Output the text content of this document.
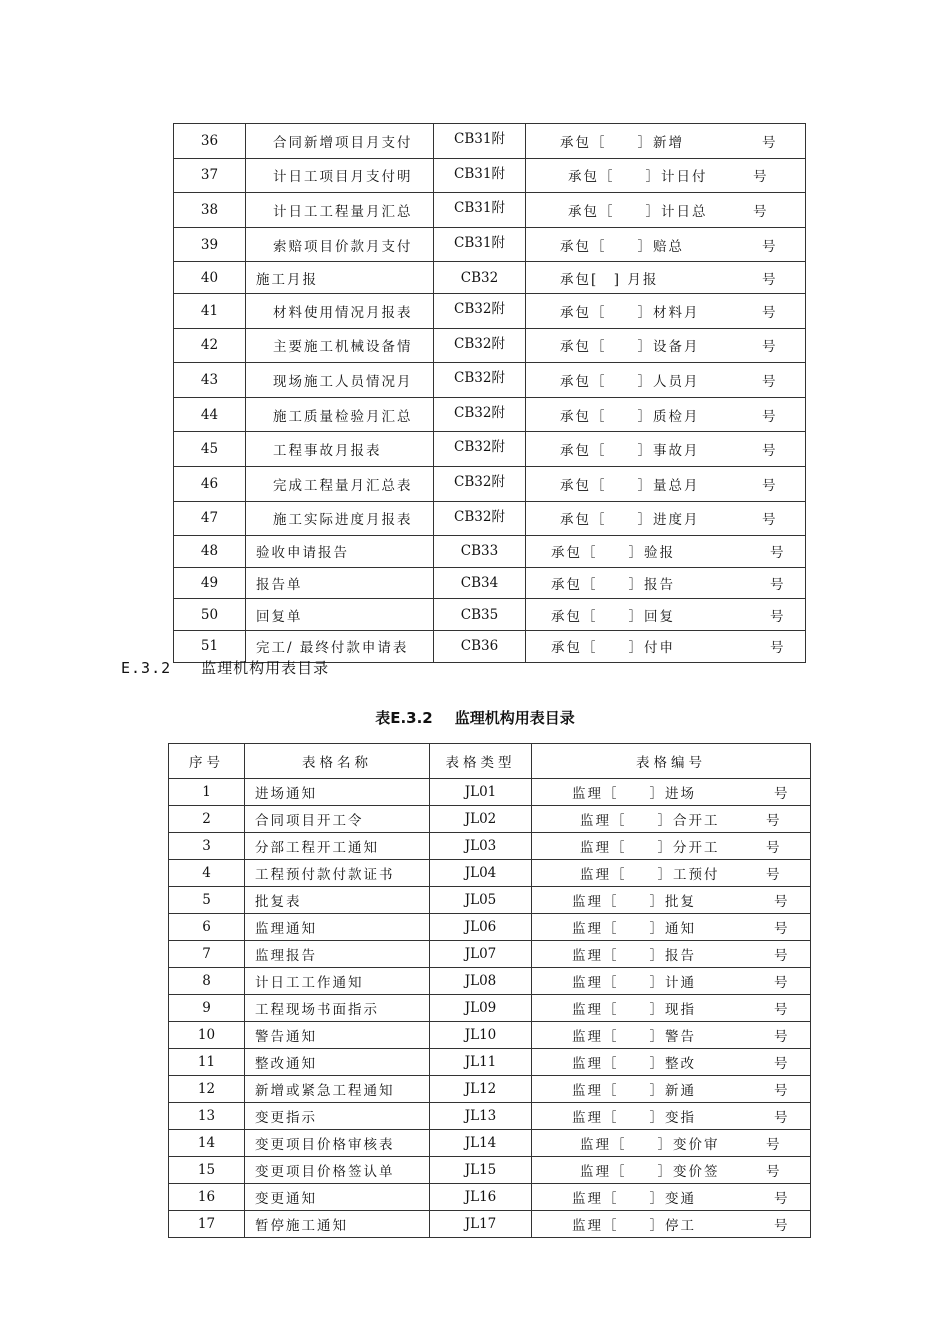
36	合同新增项目月支付	CB31附	承包［　　］新增 号

37	计日工项目月支付明	CB31附	承包［　　］计日付 号

38	计日工工程量月汇总	CB31附	承包［　　］计日总 号

39	索赔项目价款月支付	CB31附	承包［　　］赔总 号

40	施工月报	CB32	承包[　] 月报 号

41	材料使用情况月报表	CB32附	承包［　　］材料月 号

42	主要施工机械设备情	CB32附	承包［　　］设备月 号

43	现场施工人员情况月	CB32附	承包［　　］人员月 号

44	施工质量检验月汇总	CB32附	承包［　　］质检月 号

45	工程事故月报表	CB32附	承包［　　］事故月 号

46	完成工程量月汇总表	CB32附	承包［　　］量总月 号

47	施工实际进度月报表	CB32附	承包［　　］进度月 号

48	验收申请报告	CB33	承包［　　］验报 号

49	报告单	CB34	承包［　　］报告 号

50	回复单	CB35	承包［　　］回复 号

51	完工/ 最终付款申请表	CB36	承包［　　］付申 号
E.3.2 监理机构用表目录
表E.3.2 监理机构用表目录
序号	表格名称	表格类型	表格编号
1	进场通知	JL01	监理［　　］进场 号

2	合同项目开工令	JL02	监理［　　］合开工 号

3	分部工程开工通知	JL03	监理［　　］分开工 号

4	工程预付款付款证书	JL04	监理［　　］工预付 号

5	批复表	JL05	监理［　　］批复 号

6	监理通知	JL06	监理［　　］通知 号

7	监理报告	JL07	监理［　　］报告 号

8	计日工工作通知	JL08	监理［　　］计通 号

9	工程现场书面指示	JL09	监理［　　］现指 号

10	警告通知	JL10	监理［　　］警告 号

11	整改通知	JL11	监理［　　］整改 号

12	新增或紧急工程通知	JL12	监理［　　］新通 号

13	变更指示	JL13	监理［　　］变指 号

14	变更项目价格审核表	JL14	监理［　　］变价审 号

15	变更项目价格签认单	JL15	监理［　　］变价签 号

16	变更通知	JL16	监理［　　］变通 号

17	暂停施工通知	JL17	监理［　　］停工 号
